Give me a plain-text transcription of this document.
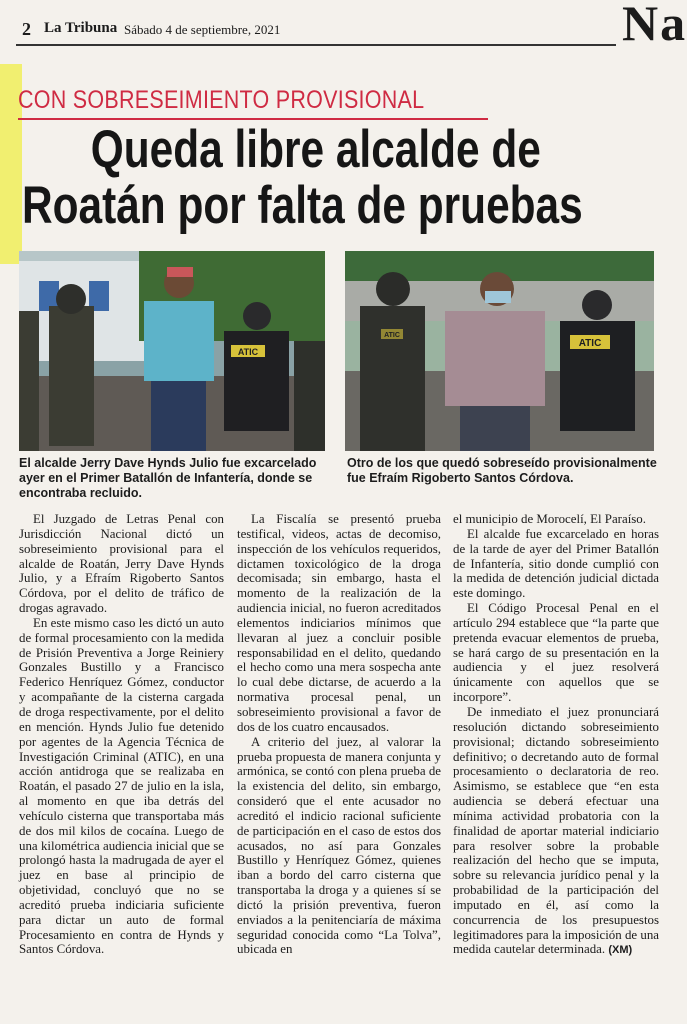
2 La Tribuna Sábado 4 de septiembre, 2021	Na
CON SOBRESEIMIENTO PROVISIONAL
Queda libre alcalde de
Roatán por falta de pruebas
ATIC
ATIC
ATIC
El alcalde Jerry Dave Hynds Julio fue excarcelado ayer en el Primer Batallón de Infantería, donde se encontraba recluido.
Otro de los que quedó sobreseído provisionalmente fue Efraím Rigoberto Santos Córdova.

El Juzgado de Letras Penal con Jurisdicción Nacional dictó un sobreseimiento provisional para el alcalde de Roatán, Jerry Dave Hynds Julio, y a Efraím Rigoberto Santos Córdova, por el delito de tráfico de drogas agravado.

En este mismo caso les dictó un auto de formal procesamiento con la medida de Prisión Preventiva a Jorge Reiniery Gonzales Bustillo y a Francisco Federico Henríquez Gómez, conductor y acompañante de la cisterna cargada de droga respectivamente, por el delito en mención. Hynds Julio fue detenido por agentes de la Agencia Técnica de Investigación Criminal (ATIC), en una acción antidroga que se realizaba en Roatán, el pasado 27 de julio en la isla, al momento en que iba detrás del vehículo cisterna que transportaba más de dos mil kilos de cocaína. Luego de una kilométrica audiencia inicial que se prolongó hasta la madrugada de ayer el juez en base al principio de objetividad, concluyó que no se acreditó prueba indiciaria suficiente para dictar un auto de formal Procesamiento en contra de Hynds y Santos Córdova.

La Fiscalía se presentó prueba testifical, videos, actas de decomiso, inspección de los vehículos requeridos, dictamen toxicológico de la droga decomisada; sin embargo, hasta el momento de la realización de la audiencia inicial, no fueron acreditados elementos indiciarios mínimos que llevaran al juez a concluir posible responsabilidad en el delito, quedando el hecho como una mera sospecha ante lo cual debe dictarse, de acuerdo a la normativa procesal penal, un sobreseimiento provisional a favor de dos de los cuatro encausados.

A criterio del juez, al valorar la prueba propuesta de manera conjunta y armónica, se contó con plena prueba de la existencia del delito, sin embargo, consideró que el ente acusador no acreditó el indicio racional suficiente de participación en el caso de estos dos acusados, no así para Gonzales Bustillo y Henríquez Gómez, quienes iban a bordo del carro cisterna que transportaba la droga y a quienes sí se dictó la prisión preventiva, fueron enviados a la penitenciaría de máxima seguridad conocida como “La Tolva”, ubicada en

el municipio de Morocelí, El Paraíso.

El alcalde fue excarcelado en horas de la tarde de ayer del Primer Batallón de Infantería, sitio donde cumplió con la medida de detención judicial dictada este domingo.

El Código Procesal Penal en el artículo 294 establece que “la parte que pretenda evacuar elementos de prueba, se hará cargo de su presentación en la audiencia y el juez resolverá únicamente con aquellos que se incorpore”.

De inmediato el juez pronunciará resolución dictando sobreseimiento provisional; dictando sobreseimiento definitivo; o decretando auto de formal procesamiento o declaratoria de reo. Asimismo, se establece que “en esta audiencia se deberá efectuar una mínima actividad probatoria con la finalidad de aportar material indiciario para resolver sobre la probable realización del hecho que se imputa, sobre su relevancia jurídico penal y la probabilidad de la participación del imputado en él, así como la concurrencia de los presupuestos legitimadores para la imposición de una medida cautelar determinada. (XM)
